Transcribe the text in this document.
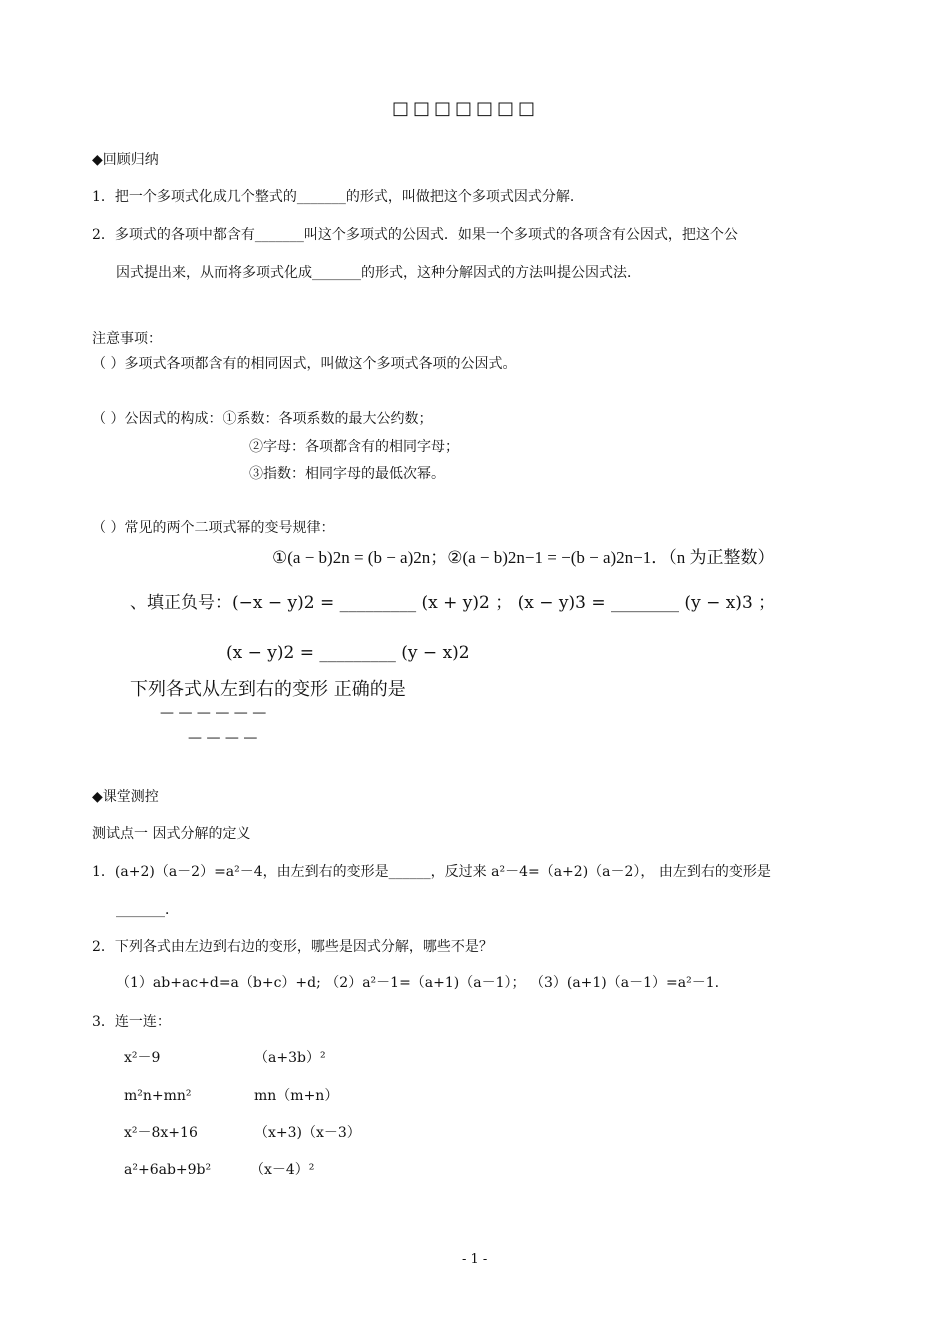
□□□□□□□
◆回顾归纳
1．把一个多项式化成几个整式的_______的形式，叫做把这个多项式因式分解．
2．多项式的各项中都含有_______叫这个多项式的公因式．如果一个多项式的各项含有公因式，把这个公
因式提出来，从而将多项式化成_______的形式，这种分解因式的方法叫提公因式法．
注意事项：
（ ）多项式各项都含有的相同因式，叫做这个多项式各项的公因式。
（ ）公因式的构成：①系数：各项系数的最大公约数；
②字母：各项都含有的相同字母；
③指数：相同字母的最低次幂。
（ ）常见的两个二项式幂的变号规律：
①(a − b)2n = (b − a)2n；②(a − b)2n−1 = −(b − a)2n−1．（n 为正整数）
、填正负号：(−x − y)2 = _________ (x + y)2 ； (x − y)3 = ________ (y − x)3 ；
(x − y)2 = _________ (y − x)2
下列各式从左到右的变形 正确的是
— — — — — —
— — — —
◆课堂测控
测试点一 因式分解的定义
1．(a+2)（a－2）=a²－4，由左到右的变形是______，反过来 a²－4=（a+2)（a－2）， 由左到右的变形是
_______．
2．下列各式由左边到右边的变形，哪些是因式分解，哪些不是？
（1）ab+ac+d=a（b+c）+d; （2）a²－1=（a+1)（a－1）； （3）(a+1)（a－1）=a²－1.
3．连一连：
x²－9	（a+3b）²
m²n+mn²	mn（m+n）
x²－8x+16	（x+3)（x－3）
a²+6ab+9b²	（x－4）²
- 1 -
